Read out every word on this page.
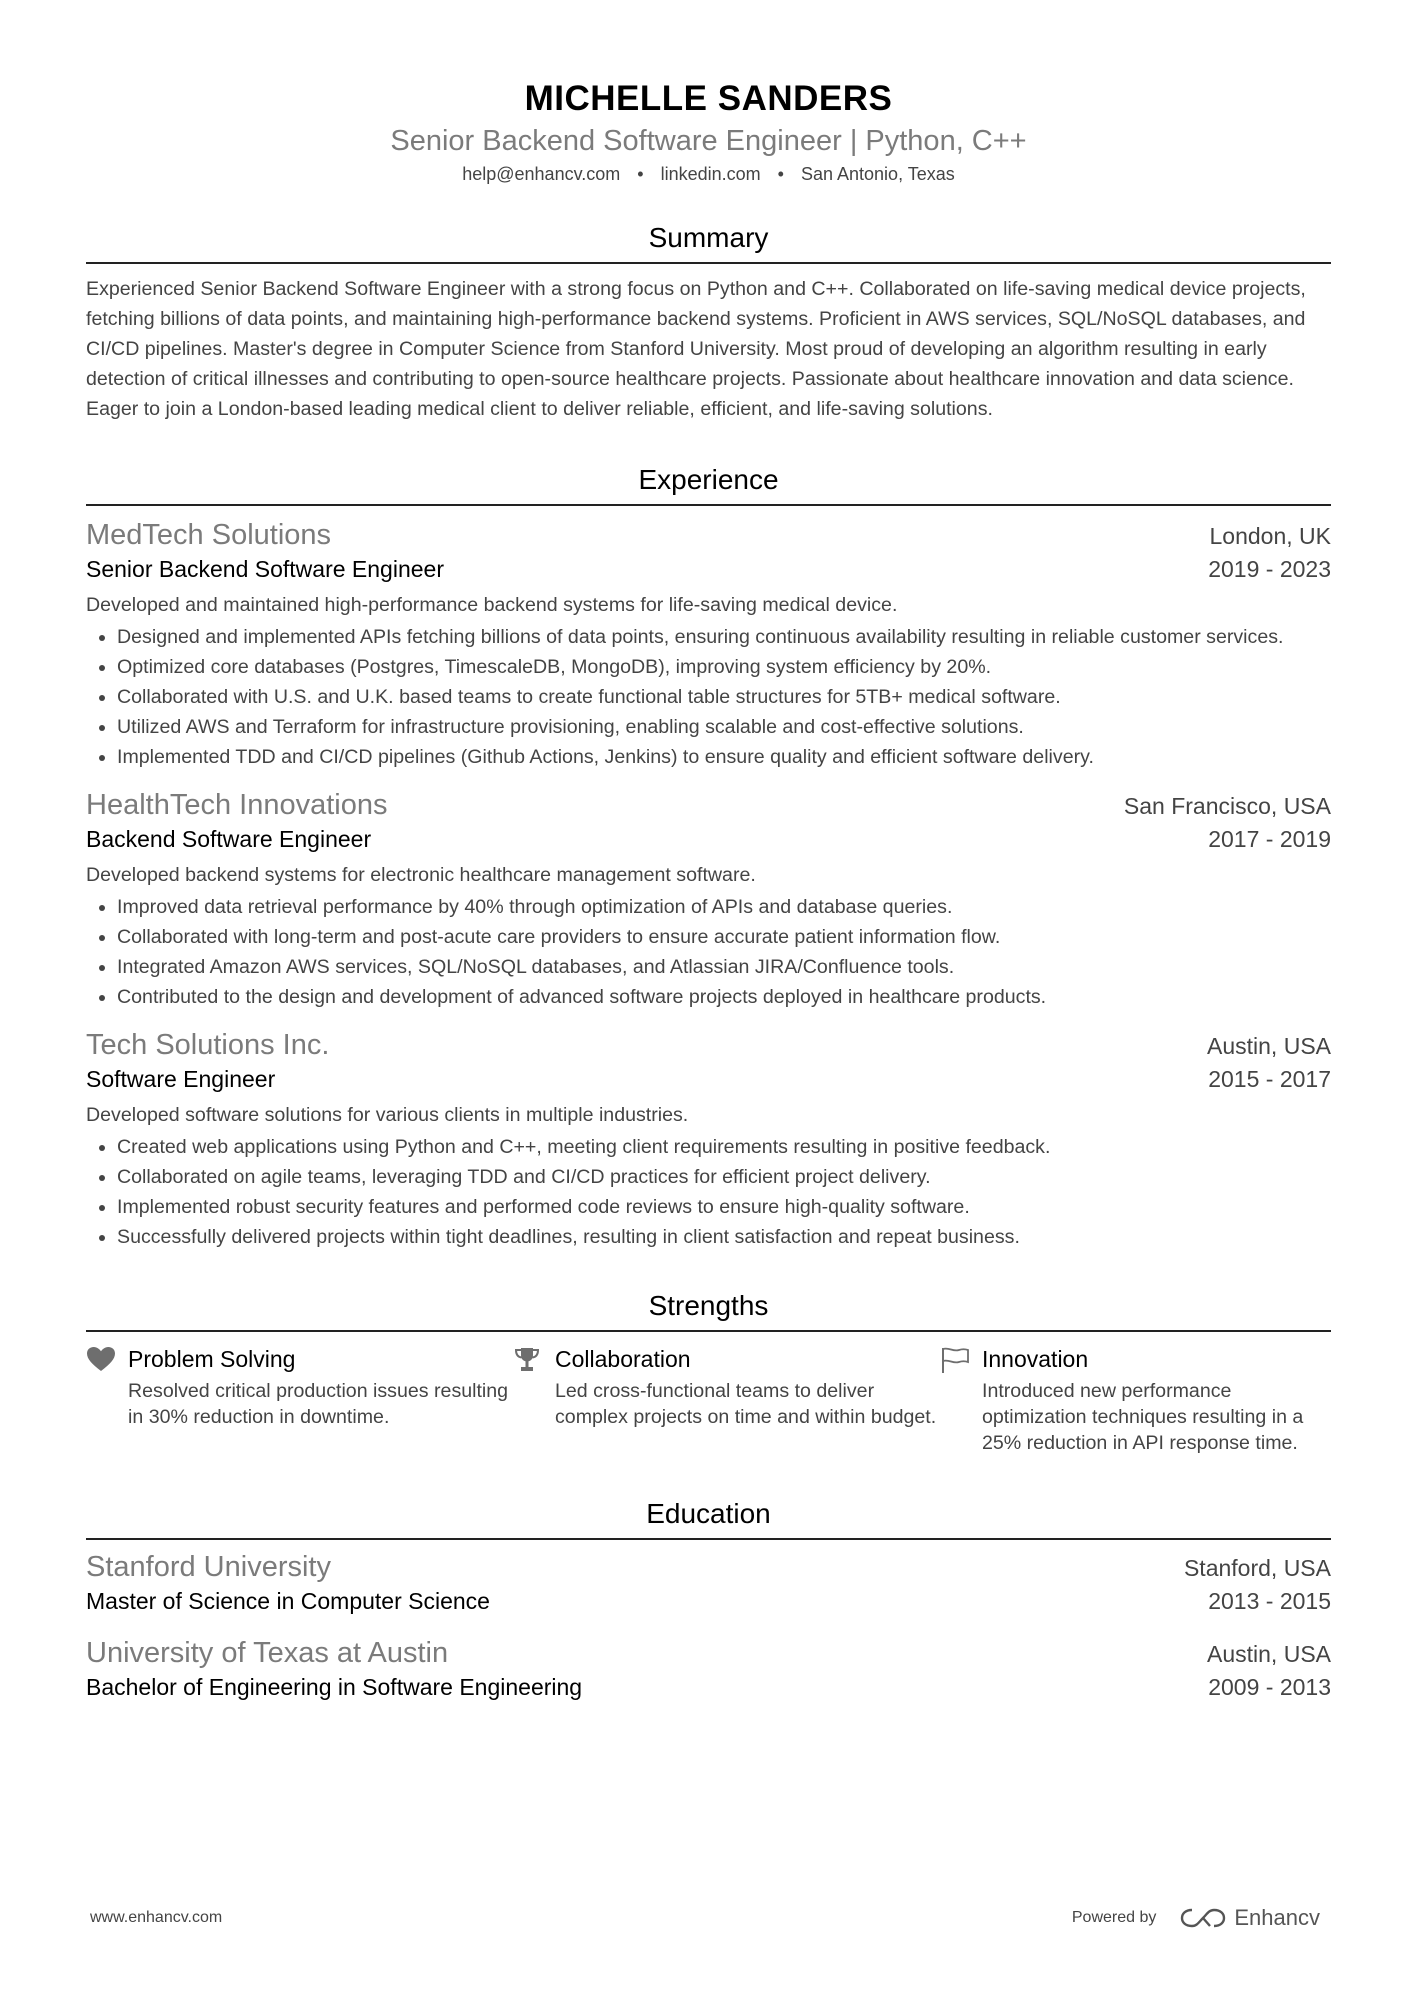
MICHELLE SANDERS
Senior Backend Software Engineer | Python, C++
help@enhancv.com • linkedin.com • San Antonio, Texas
Summary
Experienced Senior Backend Software Engineer with a strong focus on Python and C++. Collaborated on life-saving medical device projects, fetching billions of data points, and maintaining high-performance backend systems. Proficient in AWS services, SQL/NoSQL databases, and CI/CD pipelines. Master's degree in Computer Science from Stanford University. Most proud of developing an algorithm resulting in early detection of critical illnesses and contributing to open-source healthcare projects. Passionate about healthcare innovation and data science. Eager to join a London-based leading medical client to deliver reliable, efficient, and life-saving solutions.
Experience
MedTech Solutions	London, UK
Senior Backend Software Engineer	2019 - 2023
Developed and maintained high-performance backend systems for life-saving medical device.
• Designed and implemented APIs fetching billions of data points, ensuring continuous availability resulting in reliable customer services.
• Optimized core databases (Postgres, TimescaleDB, MongoDB), improving system efficiency by 20%.
• Collaborated with U.S. and U.K. based teams to create functional table structures for 5TB+ medical software.
• Utilized AWS and Terraform for infrastructure provisioning, enabling scalable and cost-effective solutions.
• Implemented TDD and CI/CD pipelines (Github Actions, Jenkins) to ensure quality and efficient software delivery.
HealthTech Innovations	San Francisco, USA
Backend Software Engineer	2017 - 2019
Developed backend systems for electronic healthcare management software.
• Improved data retrieval performance by 40% through optimization of APIs and database queries.
• Collaborated with long-term and post-acute care providers to ensure accurate patient information flow.
• Integrated Amazon AWS services, SQL/NoSQL databases, and Atlassian JIRA/Confluence tools.
• Contributed to the design and development of advanced software projects deployed in healthcare products.
Tech Solutions Inc.	Austin, USA
Software Engineer	2015 - 2017
Developed software solutions for various clients in multiple industries.
• Created web applications using Python and C++, meeting client requirements resulting in positive feedback.
• Collaborated on agile teams, leveraging TDD and CI/CD practices for efficient project delivery.
• Implemented robust security features and performed code reviews to ensure high-quality software.
• Successfully delivered projects within tight deadlines, resulting in client satisfaction and repeat business.
Strengths
Problem Solving
Resolved critical production issues resulting in 30% reduction in downtime.
Collaboration
Led cross-functional teams to deliver complex projects on time and within budget.
Innovation
Introduced new performance optimization techniques resulting in a 25% reduction in API response time.
Education
Stanford University	Stanford, USA
Master of Science in Computer Science	2013 - 2015
University of Texas at Austin	Austin, USA
Bachelor of Engineering in Software Engineering	2009 - 2013
www.enhancv.com	Powered by	Enhancv
